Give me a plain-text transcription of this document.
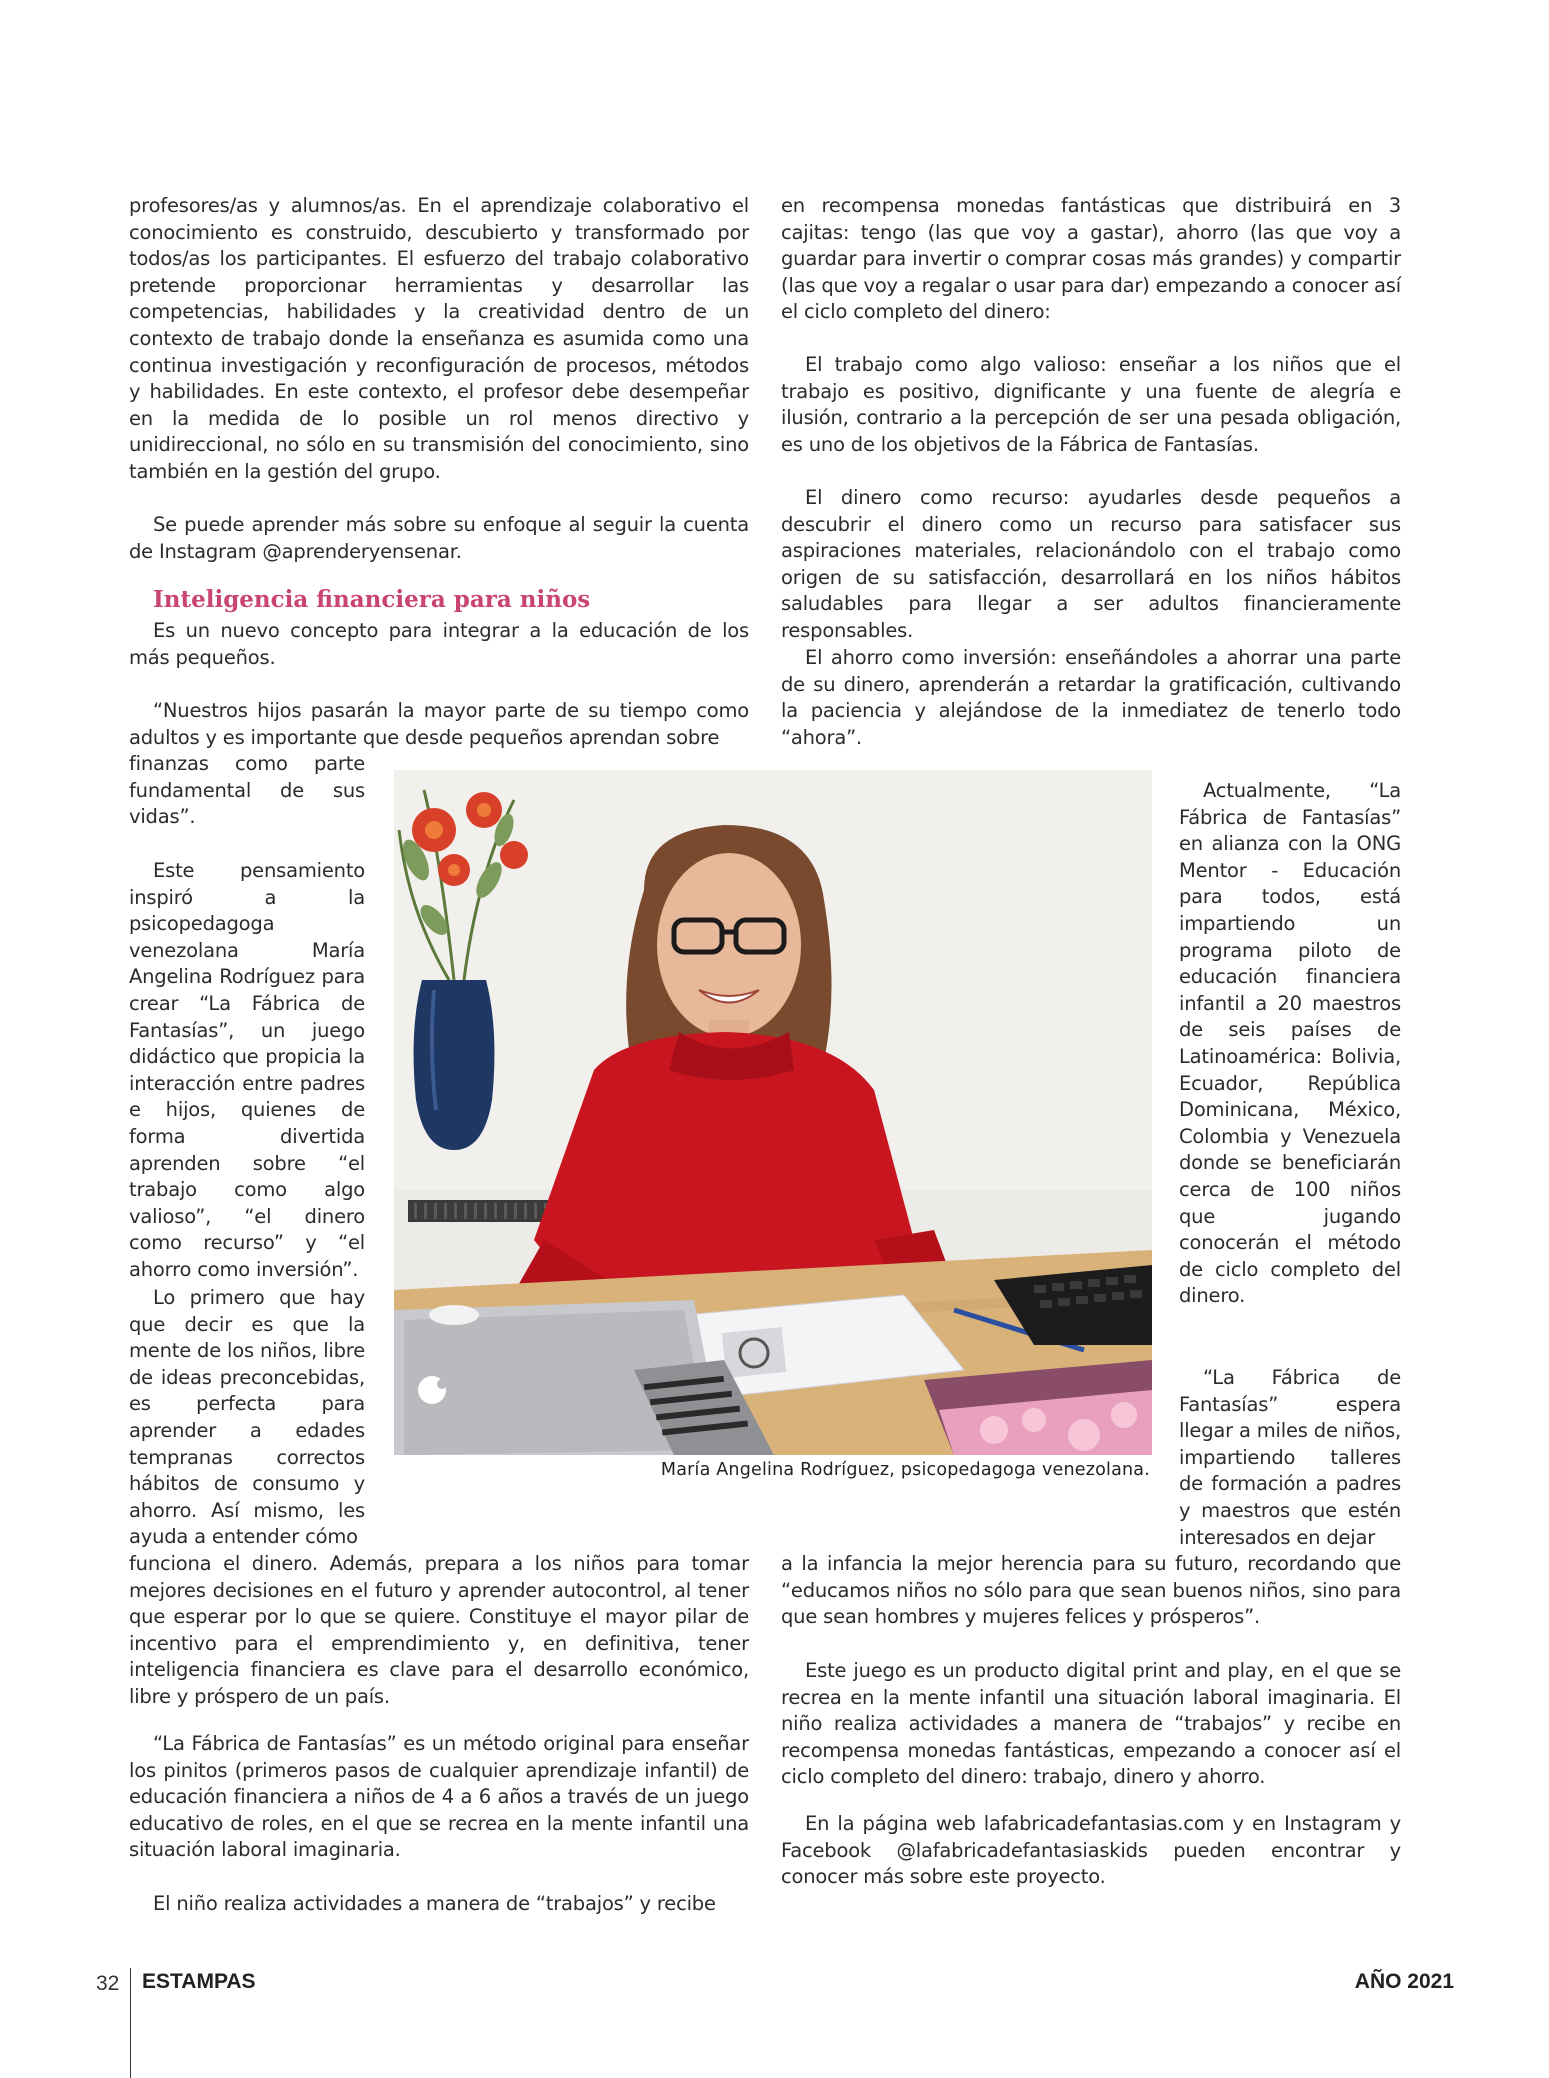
profesores/as y alumnos/as. En el aprendizaje colaborativo el conocimiento es construido, descubierto y transformado por todos/as los participantes. El esfuerzo del trabajo colaborativo pretende proporcionar herramientas y desarrollar las competencias, habilidades y la creatividad dentro de un contexto de trabajo donde la enseñanza es asumida como una continua investigación y reconfiguración de procesos, métodos y habilidades. En este contexto, el profesor debe desempeñar en la medida de lo posible un rol menos directivo y unidireccional, no sólo en su transmisión del conocimiento, sino también en la gestión del grupo.

Se puede aprender más sobre su enfoque al seguir la cuenta de Instagram @aprenderyensenar.

Inteligencia financiera para niños

Es un nuevo concepto para integrar a la educación de los más pequeños.

“Nuestros hijos pasarán la mayor parte de su tiempo como adultos y es importante que desde pequeños aprendan sobre

finanzas como parte fundamental de sus vidas”.

Este pensamiento inspiró a la psicopedagoga venezolana María Angelina Rodríguez para crear “La Fábrica de Fantasías”, un juego didáctico que propicia la interacción entre padres e hijos, quienes de forma divertida aprenden sobre “el trabajo como algo valioso”, “el dinero como recurso” y “el ahorro como inversión”.

Lo primero que hay que decir es que la mente de los niños, libre de ideas preconcebidas, es perfecta para aprender a edades tempranas correctos hábitos de consumo y ahorro. Así mismo, les ayuda a entender cómo

funciona el dinero. Además, prepara a los niños para tomar mejores decisiones en el futuro y aprender autocontrol, al tener que esperar por lo que se quiere. Constituye el mayor pilar de incentivo para el emprendimiento y, en definitiva, tener inteligencia financiera es clave para el desarrollo económico, libre y próspero de un país.

“La Fábrica de Fantasías” es un método original para enseñar los pinitos (primeros pasos de cualquier aprendizaje infantil) de educación financiera a niños de 4 a 6 años a través de un juego educativo de roles, en el que se recrea en la mente infantil una situación laboral imaginaria.

El niño realiza actividades a manera de “trabajos” y recibe

en recompensa monedas fantásticas que distribuirá en 3 cajitas: tengo (las que voy a gastar), ahorro (las que voy a guardar para invertir o comprar cosas más grandes) y compartir (las que voy a regalar o usar para dar) empezando a conocer así el ciclo completo del dinero:

El trabajo como algo valioso: enseñar a los niños que el trabajo es positivo, dignificante y una fuente de alegría e ilusión, contrario a la percepción de ser una pesada obligación, es uno de los objetivos de la Fábrica de Fantasías.

El dinero como recurso: ayudarles desde pequeños a descubrir el dinero como un recurso para satisfacer sus aspiraciones materiales, relacionándolo con el trabajo como origen de su satisfacción, desarrollará en los niños hábitos saludables para llegar a ser adultos financieramente responsables.

El ahorro como inversión: enseñándoles a ahorrar una parte de su dinero, aprenderán a retardar la gratificación, cultivando la paciencia y alejándose de la inmediatez de tenerlo todo “ahora”.

Actualmente, “La Fábrica de Fantasías” en alianza con la ONG Mentor - Educación para todos, está impartiendo un programa piloto de educación financiera infantil a 20 maestros de seis países de Latinoamérica: Bolivia, Ecuador, República Dominicana, México, Colombia y Venezuela donde se beneficiarán cerca de 100 niños que jugando conocerán el método de ciclo completo del dinero.

“La Fábrica de Fantasías” espera llegar a miles de niños, impartiendo talleres de formación a padres y maestros que estén interesados en dejar

a la infancia la mejor herencia para su futuro, recordando que “educamos niños no sólo para que sean buenos niños, sino para que sean hombres y mujeres felices y prósperos”.

Este juego es un producto digital print and play, en el que se recrea en la mente infantil una situación laboral imaginaria. El niño realiza actividades a manera de “trabajos” y recibe en recompensa monedas fantásticas, empezando a conocer así el ciclo completo del dinero: trabajo, dinero y ahorro.

En la página web lafabricadefantasias.com y en Instagram y Facebook @lafabricadefantasiaskids pueden encontrar y conocer más sobre este proyecto.

María Angelina Rodríguez, psicopedagoga venezolana.
32 ESTAMPAS	AÑO 2021
